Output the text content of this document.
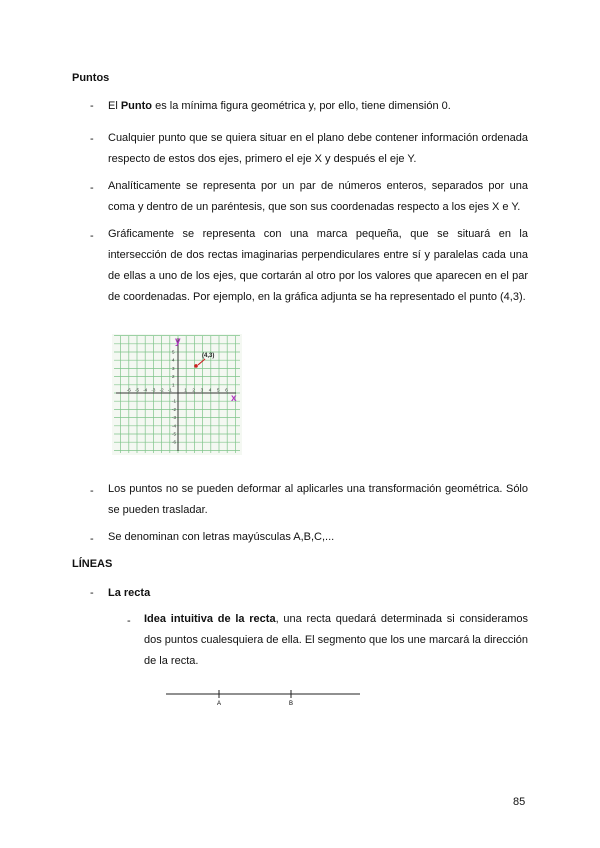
Puntos
- El Punto es la mínima figura geométrica y, por ello, tiene dimensión 0.
- Cualquier punto que se quiera situar en el plano debe contener información ordenada respecto de estos dos ejes, primero el eje X y después el eje Y.
- Analíticamente se representa por un par de números enteros, separados por una coma y dentro de un paréntesis, que son sus coordenadas respecto a los ejes X e Y.
- Gráficamente se representa con una marca pequeña, que se situará en la intersección de dos rectas imaginarias perpendiculares entre sí y paralelas cada una de ellas a uno de los ejes, que cortarán al otro por los valores que aparecen en el par de coordenadas. Por ejemplo, en la gráfica adjunta se ha representado el punto (4,3).
-6 -5 -4 -3 -2 -1	1 2 3 4 5 6
5
4
3
2
1
-1
-2
-3
-4
-5
-6
x
y
(4,3)
- Los puntos no se pueden deformar al aplicarles una transformación geométrica. Sólo se pueden trasladar.
- Se denominan con letras mayúsculas A,B,C,...
LÍNEAS
- La recta
- Idea intuitiva de la recta, una recta quedará determinada si consideramos dos puntos cualesquiera de ella. El segmento que los une marcará la dirección de la recta.
A	B
85
